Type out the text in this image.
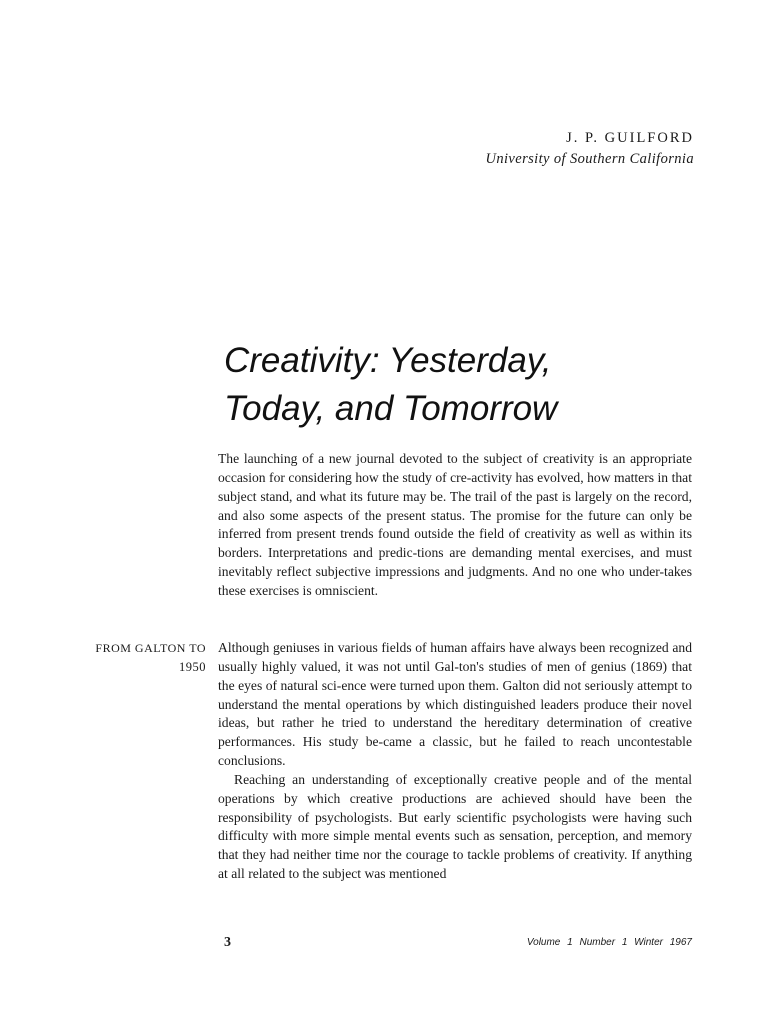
J. P. GUILFORD
University of Southern California
Creativity: Yesterday,
Today, and Tomorrow

The launching of a new journal devoted to the subject of creativity is an appropriate occasion for considering how the study of cre-activity has evolved, how matters in that subject stand, and what its future may be. The trail of the past is largely on the record, and also some aspects of the present status. The promise for the future can only be inferred from present trends found outside the field of creativity as well as within its borders. Interpretations and predic-tions are demanding mental exercises, and must inevitably reflect subjective impressions and judgments. And no one who under-takes these exercises is omniscient.

FROM GALTON TO
1950

Although geniuses in various fields of human affairs have always been recognized and usually highly valued, it was not until Gal-ton's studies of men of genius (1869) that the eyes of natural sci-ence were turned upon them. Galton did not seriously attempt to understand the mental operations by which distinguished leaders produce their novel ideas, but rather he tried to understand the hereditary determination of creative performances. His study be-came a classic, but he failed to reach uncontestable conclusions.

Reaching an understanding of exceptionally creative people and of the mental operations by which creative productions are achieved should have been the responsibility of psychologists. But early scientific psychologists were having such difficulty with more simple mental events such as sensation, perception, and memory that they had neither time nor the courage to tackle problems of creativity. If anything at all related to the subject was mentioned

3	Volume 1 Number 1 Winter 1967
